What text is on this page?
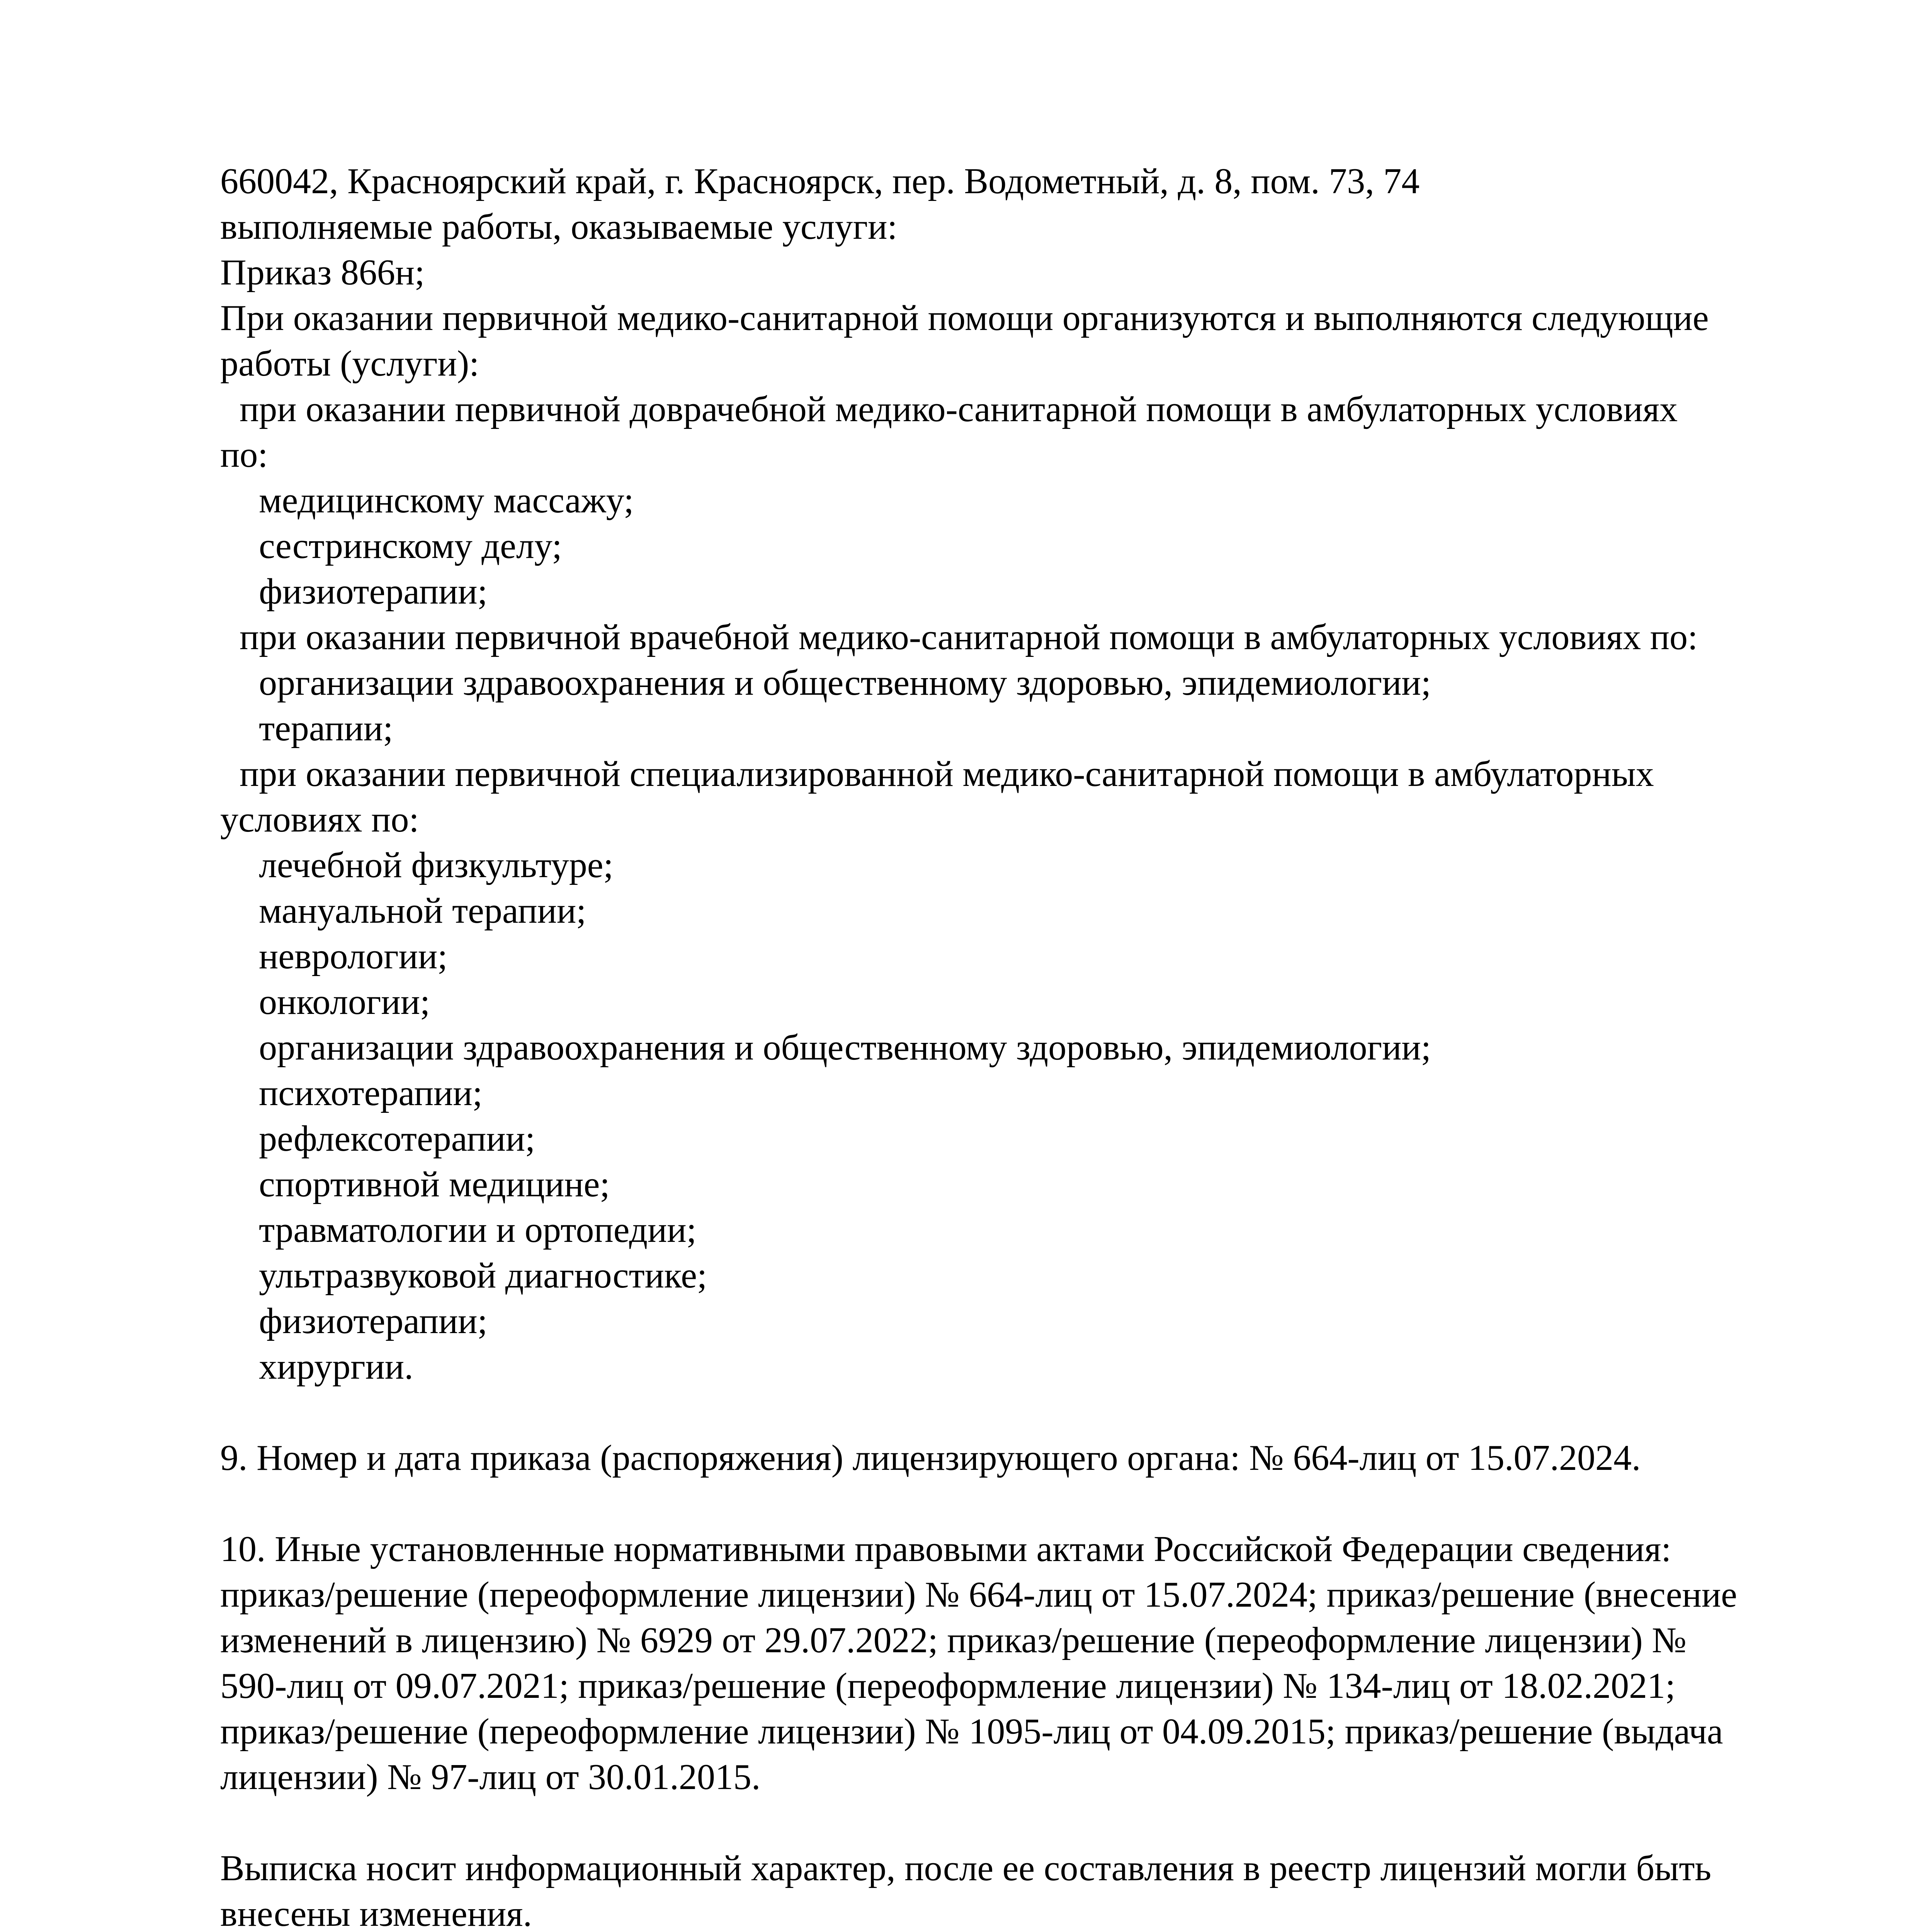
660042, Красноярский край, г. Красноярск, пер. Водометный, д. 8, пом. 73, 74
выполняемые работы, оказываемые услуги:
Приказ 866н;
При оказании первичной медико-санитарной помощи организуются и выполняются следующие
работы (услуги):
при оказании первичной доврачебной медико-санитарной помощи в амбулаторных условиях
по:
медицинскому массажу;
сестринскому делу;
физиотерапии;
при оказании первичной врачебной медико-санитарной помощи в амбулаторных условиях по:
организации здравоохранения и общественному здоровью, эпидемиологии;
терапии;
при оказании первичной специализированной медико-санитарной помощи в амбулаторных
условиях по:
лечебной физкультуре;
мануальной терапии;
неврологии;
онкологии;
организации здравоохранения и общественному здоровью, эпидемиологии;
психотерапии;
рефлексотерапии;
спортивной медицине;
травматологии и ортопедии;
ультразвуковой диагностике;
физиотерапии;
хирургии.
9. Номер и дата приказа (распоряжения) лицензирующего органа: № 664-лиц от 15.07.2024.
10. Иные установленные нормативными правовыми актами Российской Федерации сведения:
приказ/решение (переоформление лицензии) № 664-лиц от 15.07.2024; приказ/решение (внесение
изменений в лицензию) № 6929 от 29.07.2022; приказ/решение (переоформление лицензии) №
590-лиц от 09.07.2021; приказ/решение (переоформление лицензии) № 134-лиц от 18.02.2021;
приказ/решение (переоформление лицензии) № 1095-лиц от 04.09.2015; приказ/решение (выдача
лицензии) № 97-лиц от 30.01.2015.
Выписка носит информационный характер, после ее составления в реестр лицензий могли быть
внесены изменения.
